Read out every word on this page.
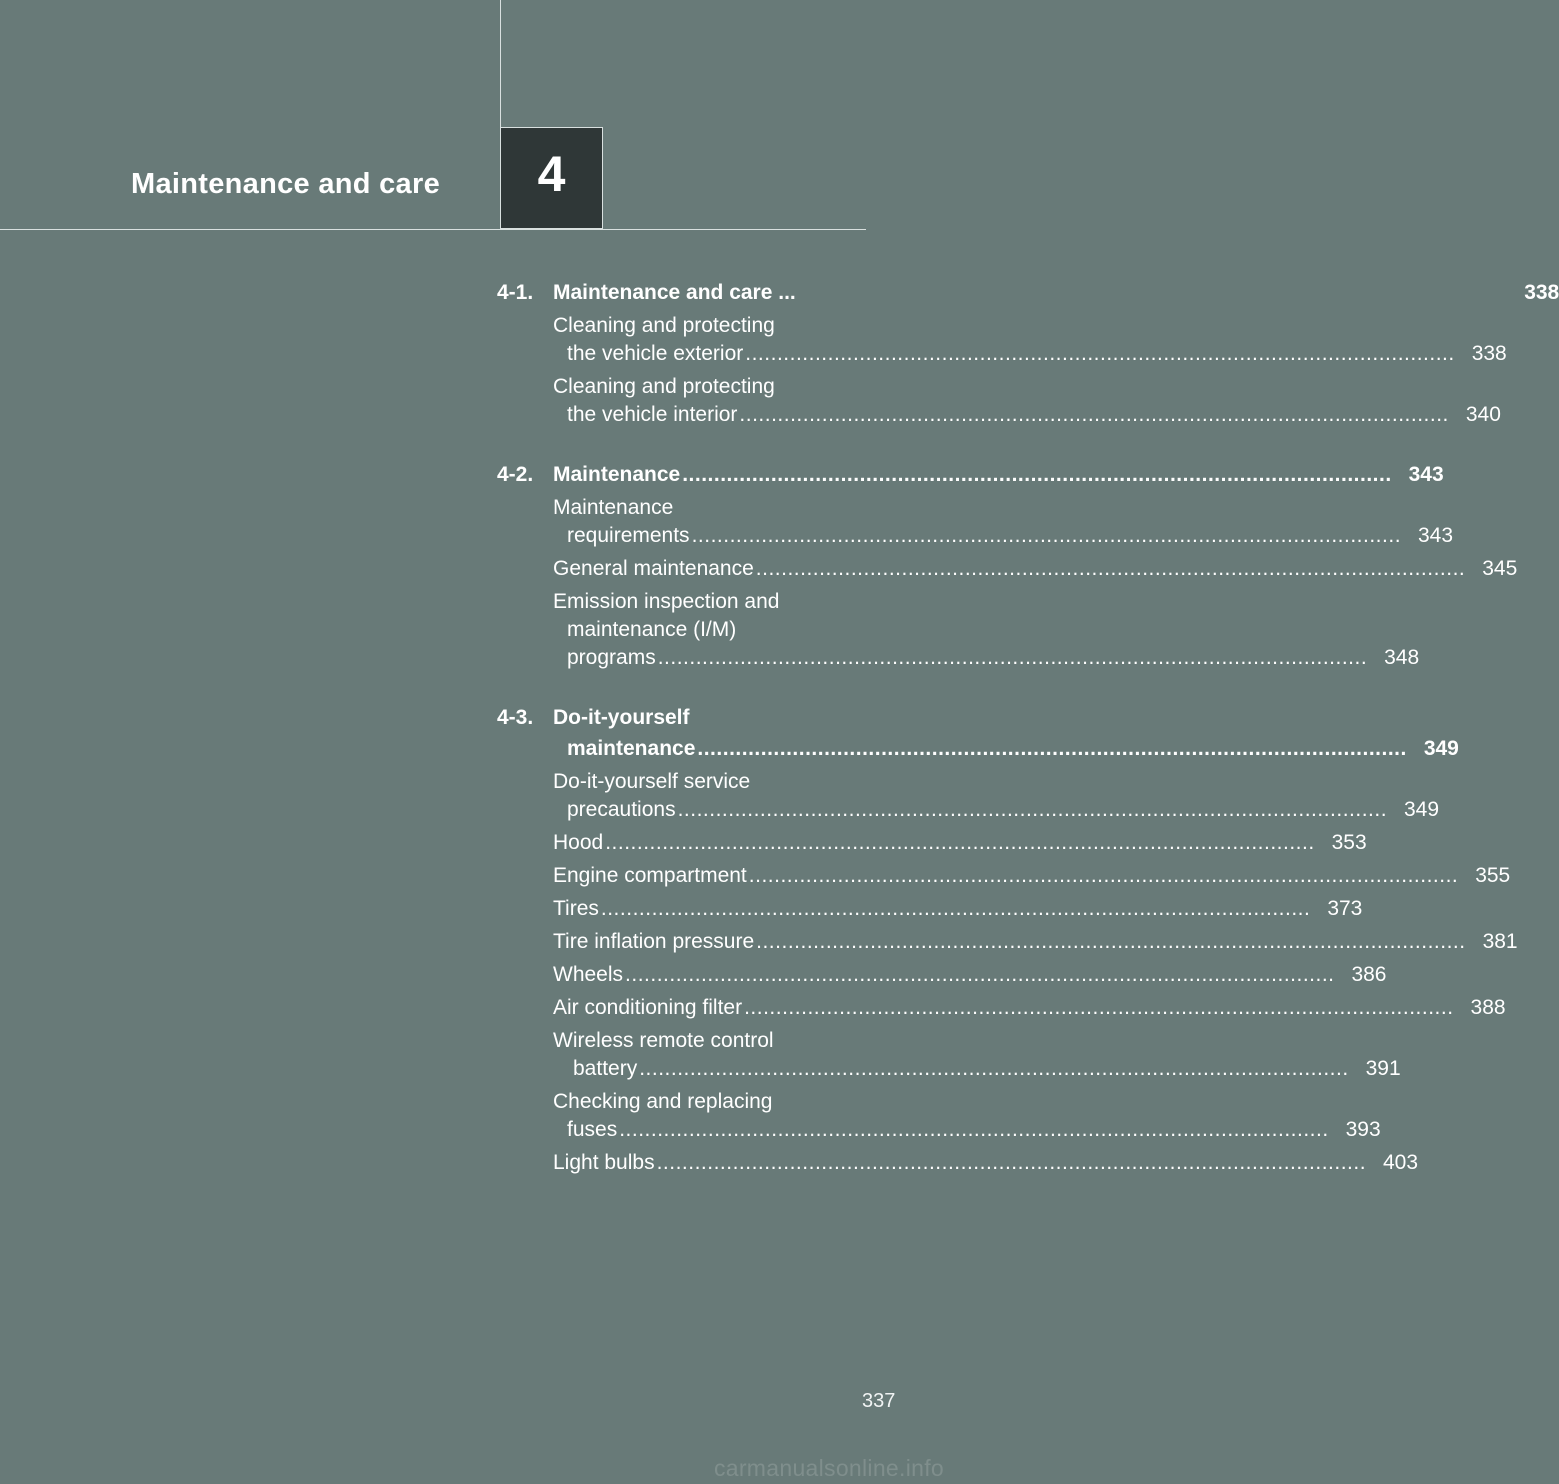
Maintenance and care 4
4-1. Maintenance and care ...	338
Cleaning and protecting
the vehicle exterior .....	338
Cleaning and protecting
the vehicle interior .....	340
4-2. Maintenance .....	343
Maintenance
requirements .....	343
General maintenance .....	345
Emission inspection and
maintenance (I/M)
programs .....	348
4-3. Do-it-yourself
maintenance .....	349
Do-it-yourself service
precautions .....	349
Hood .....	353
Engine compartment .....	355
Tires .....	373
Tire inflation pressure .....	381
Wheels .....	386
Air conditioning filter .....	388
Wireless remote control
battery .....	391
Checking and replacing
fuses .....	393
Light bulbs .....	403
337
carmanualsonline.info
